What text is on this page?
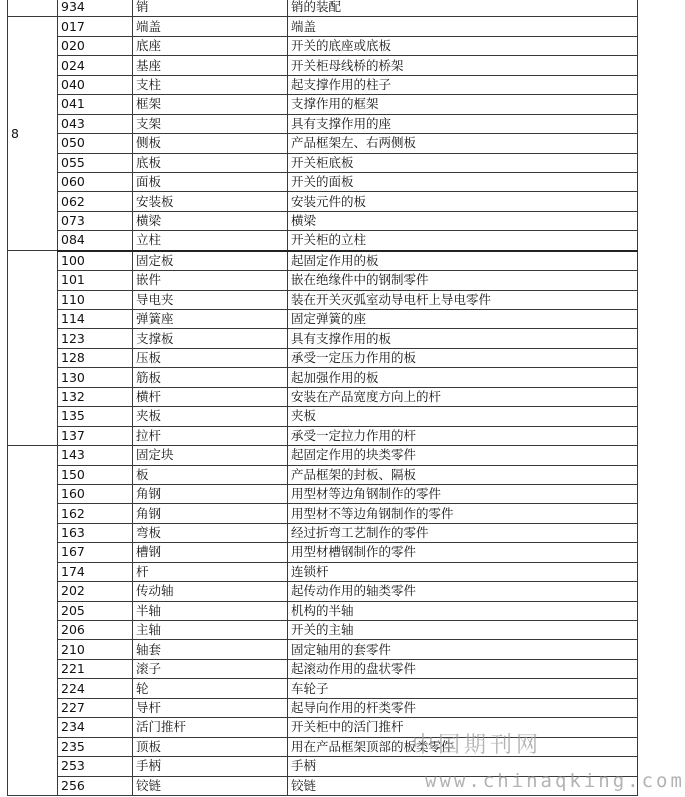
	934	销	销的装配
8	017	端盖	端盖
	020	底座	开关的底座或底板
	024	基座	开关柜母线桥的桥架
	040	支柱	起支撑作用的柱子
	041	框架	支撑作用的框架
	043	支架	具有支撑作用的座
	050	侧板	产品框架左、右两侧板
	055	底板	开关柜底板
	060	面板	开关的面板
	062	安装板	安装元件的板
	073	横梁	横梁
	084	立柱	开关柜的立柱
	100	固定板	起固定作用的板
	101	嵌件	嵌在绝缘件中的钢制零件
	110	导电夹	装在开关灭弧室动导电杆上导电零件
	114	弹簧座	固定弹簧的座
	123	支撑板	具有支撑作用的板
	128	压板	承受一定压力作用的板
	130	筋板	起加强作用的板
	132	横杆	安装在产品宽度方向上的杆
	135	夹板	夹板
	137	拉杆	承受一定拉力作用的杆
	143	固定块	起固定作用的块类零件
	150	板	产品框架的封板、隔板
	160	角钢	用型材等边角钢制作的零件
	162	角钢	用型材不等边角钢制作的零件
	163	弯板	经过折弯工艺制作的零件
	167	槽钢	用型材槽钢制作的零件
	174	杆	连锁杆
	202	传动轴	起传动作用的轴类零件
	205	半轴	机构的半轴
	206	主轴	开关的主轴
	210	轴套	固定轴用的套零件
	221	滚子	起滚动作用的盘状零件
	224	轮	车轮子
	227	导杆	起导向作用的杆类零件
	234	活门推杆	开关柜中的活门推杆
	235	顶板	用在产品框架顶部的板类零件
	253	手柄	手柄
	256	铰链	铰链
中国期刊网
www.chinaqking.com
